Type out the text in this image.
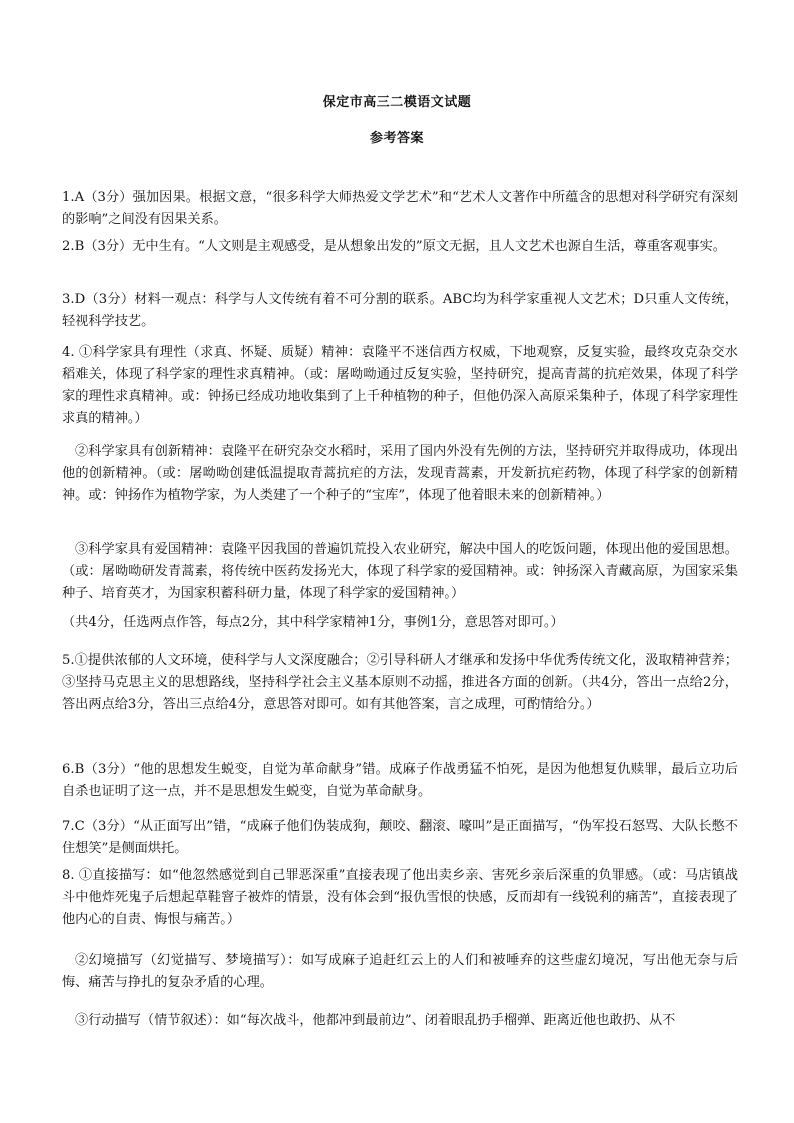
保定市高三二模语文试题
参考答案
1.A（3分）强加因果。根据文意，“很多科学大师热爱文学艺术”和“艺术人文著作中所蕴含的思想对科学研究有深刻的影响”之间没有因果关系。
2.B（3分）无中生有。“人文则是主观感受，是从想象出发的”原文无据，且人文艺术也源自生活，尊重客观事实。
3.D（3分）材料一观点：科学与人文传统有着不可分割的联系。ABC均为科学家重视人文艺术；D只重人文传统，轻视科学技艺。
4. ①科学家具有理性（求真、怀疑、质疑）精神：袁隆平不迷信西方权威，下地观察，反复实验，最终攻克杂交水稻难关，体现了科学家的理性求真精神。（或：屠呦呦通过反复实验，坚持研究，提高青蒿的抗疟效果，体现了科学家的理性求真精神。或：钟扬已经成功地收集到了上千种植物的种子，但他仍深入高原采集种子，体现了科学家理性求真的精神。）
②科学家具有创新精神：袁隆平在研究杂交水稻时，采用了国内外没有先例的方法，坚持研究并取得成功，体现出他的创新精神。（或：屠呦呦创建低温提取青蒿抗疟的方法，发现青蒿素，开发新抗疟药物，体现了科学家的创新精神。或：钟扬作为植物学家，为人类建了一个种子的“宝库”，体现了他着眼未来的创新精神。）
③科学家具有爱国精神：袁隆平因我国的普遍饥荒投入农业研究，解决中国人的吃饭问题，体现出他的爱国思想。（或：屠呦呦研发青蒿素，将传统中医药发扬光大，体现了科学家的爱国精神。或：钟扬深入青藏高原，为国家采集种子、培育英才，为国家积蓄科研力量，体现了科学家的爱国精神。）
（共4分，任选两点作答，每点2分，其中科学家精神1分，事例1分，意思答对即可。）
5.①提供浓郁的人文环境，使科学与人文深度融合；②引导科研人才继承和发扬中华优秀传统文化，汲取精神营养；③坚持马克思主义的思想路线，坚持科学社会主义基本原则不动摇，推进各方面的创新。（共4分，答出一点给2分，答出两点给3分，答出三点给4分，意思答对即可。如有其他答案，言之成理，可酌情给分。）
6.B（3分）“他的思想发生蜕变，自觉为革命献身”错。成麻子作战勇猛不怕死，是因为他想复仇赎罪，最后立功后自杀也证明了这一点，并不是思想发生蜕变，自觉为革命献身。
7.C（3分）“从正面写出”错，“成麻子他们伪装成狗，颠咬、翻滚、嚎叫”是正面描写，“伪军投石怒骂、大队长憋不住想笑”是侧面烘托。
8. ①直接描写：如“他忽然感觉到自己罪恶深重”直接表现了他出卖乡亲、害死乡亲后深重的负罪感。（或：马店镇战斗中他炸死鬼子后想起草鞋窨子被炸的情景，没有体会到“报仇雪恨的快感，反而却有一线锐利的痛苦”，直接表现了他内心的自责、悔恨与痛苦。）
②幻境描写（幻觉描写、梦境描写）：如写成麻子追赶红云上的人们和被唾弃的这些虚幻境况，写出他无奈与后悔、痛苦与挣扎的复杂矛盾的心理。
③行动描写（情节叙述）：如“每次战斗，他都冲到最前边”、闭着眼乱扔手榴弹、距离近他也敢扔、从不
